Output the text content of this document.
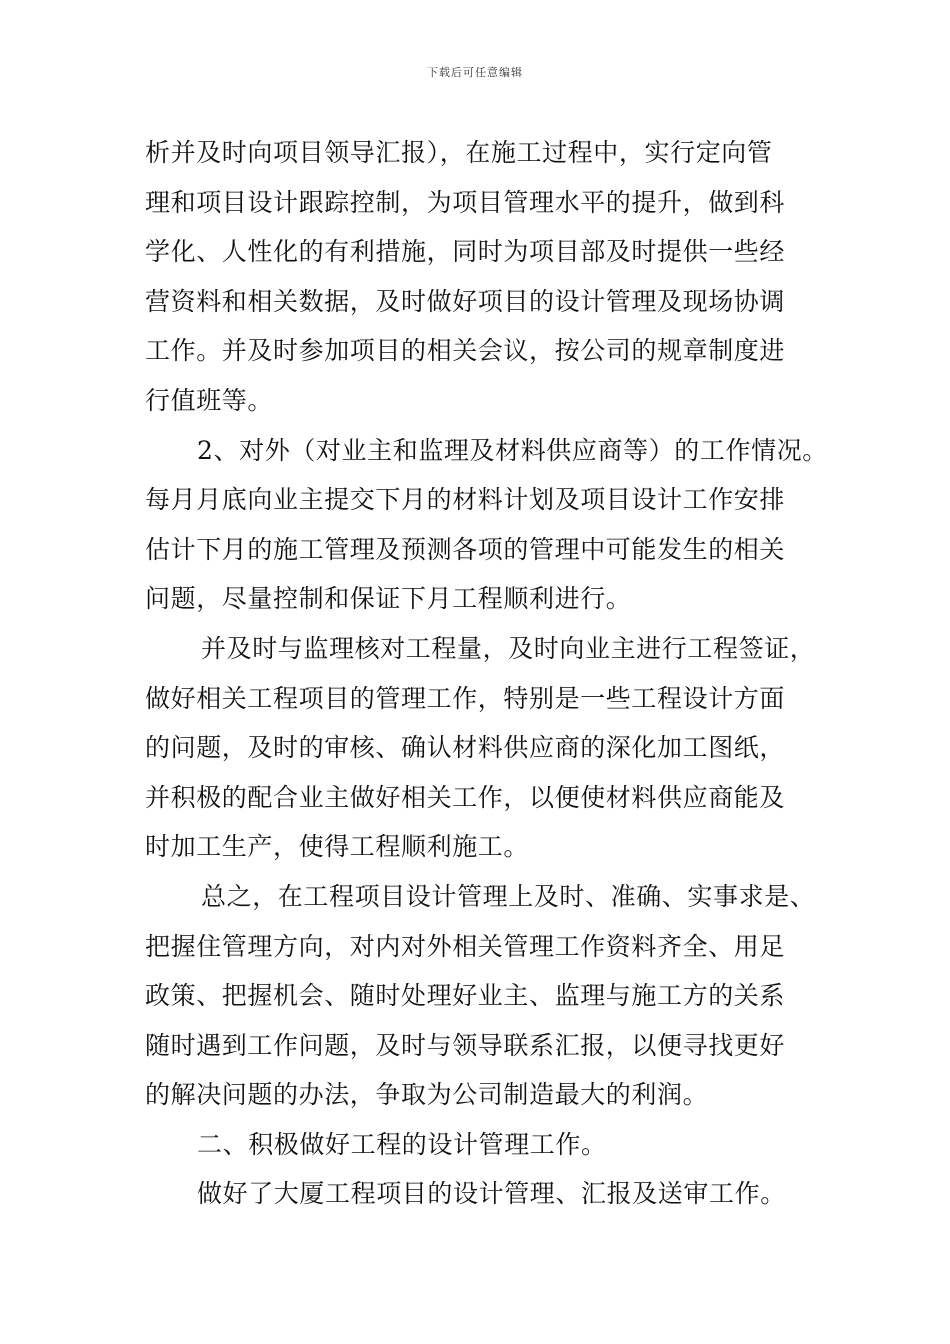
下载后可任意编辑
析并及时向项目领导汇报），在施工过程中，实行定向管
理和项目设计跟踪控制，为项目管理水平的提升，做到科
学化、人性化的有利措施，同时为项目部及时提供一些经
营资料和相关数据，及时做好项目的设计管理及现场协调
工作。并及时参加项目的相关会议，按公司的规章制度进
行值班等。
2、对外（对业主和监理及材料供应商等）的工作情况。
每月月底向业主提交下月的材料计划及项目设计工作安排
估计下月的施工管理及预测各项的管理中可能发生的相关
问题，尽量控制和保证下月工程顺利进行。
并及时与监理核对工程量，及时向业主进行工程签证，
做好相关工程项目的管理工作，特别是一些工程设计方面
的问题，及时的审核、确认材料供应商的深化加工图纸，
并积极的配合业主做好相关工作，以便使材料供应商能及
时加工生产，使得工程顺利施工。
总之，在工程项目设计管理上及时、准确、实事求是、
把握住管理方向，对内对外相关管理工作资料齐全、用足
政策、把握机会、随时处理好业主、监理与施工方的关系
随时遇到工作问题，及时与领导联系汇报，以便寻找更好
的解决问题的办法，争取为公司制造最大的利润。
二、积极做好工程的设计管理工作。
做好了大厦工程项目的设计管理、汇报及送审工作。
